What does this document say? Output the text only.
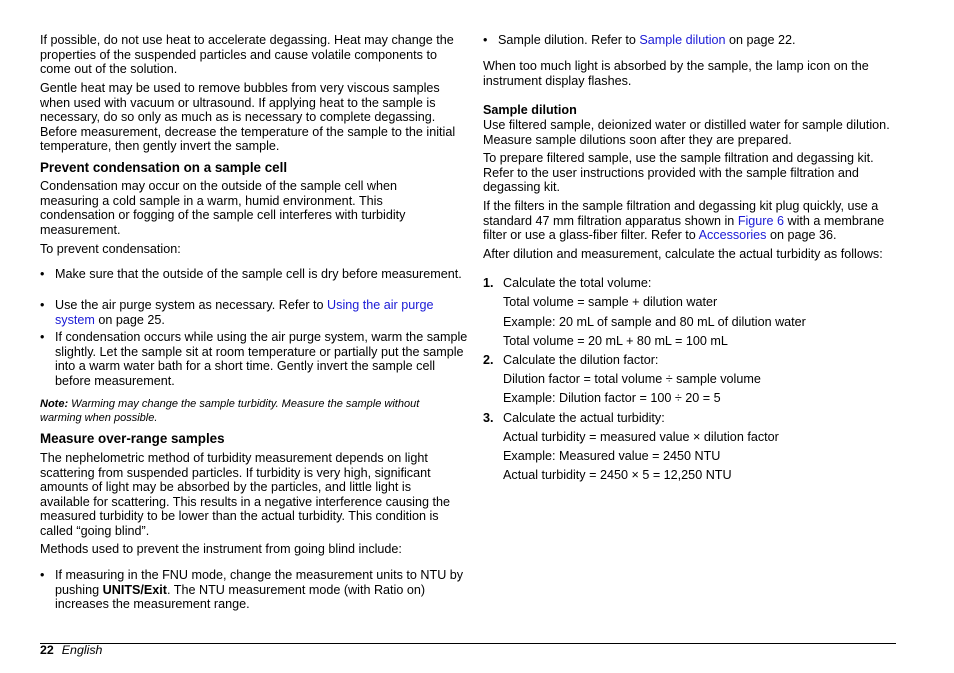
If possible, do not use heat to accelerate degassing. Heat may change the properties of the suspended particles and cause volatile components to come out of the solution.

Gentle heat may be used to remove bubbles from very viscous samples when used with vacuum or ultrasound. If applying heat to the sample is necessary, do so only as much as is necessary to complete degassing. Before measurement, decrease the temperature of the sample to the initial temperature, then gently invert the sample.

Prevent condensation on a sample cell

Condensation may occur on the outside of the sample cell when measuring a cold sample in a warm, humid environment. This condensation or fogging of the sample cell interferes with turbidity measurement.

To prevent condensation:

• Make sure that the outside of the sample cell is dry before measurement.
• Use the air purge system as necessary. Refer to Using the air purge system on page 25.
• If condensation occurs while using the air purge system, warm the sample slightly. Let the sample sit at room temperature or partially put the sample into a warm water bath for a short time. Gently invert the sample cell before measurement.

Note: Warming may change the sample turbidity. Measure the sample without warming when possible.

Measure over-range samples

The nephelometric method of turbidity measurement depends on light scattering from suspended particles. If turbidity is very high, significant amounts of light may be absorbed by the particles, and little light is available for scattering. This results in a negative interference causing the measured turbidity to be lower than the actual turbidity. This condition is called “going blind”.

Methods used to prevent the instrument from going blind include:

• If measuring in the FNU mode, change the measurement units to NTU by pushing UNITS/Exit. The NTU measurement mode (with Ratio on) increases the measurement range.
• Sample dilution. Refer to Sample dilution on page 22.

When too much light is absorbed by the sample, the lamp icon on the instrument display flashes.

Sample dilution

Use filtered sample, deionized water or distilled water for sample dilution. Measure sample dilutions soon after they are prepared.

To prepare filtered sample, use the sample filtration and degassing kit. Refer to the user instructions provided with the sample filtration and degassing kit.

If the filters in the sample filtration and degassing kit plug quickly, use a standard 47 mm filtration apparatus shown in Figure 6 with a membrane filter or use a glass-fiber filter. Refer to Accessories on page 36.

After dilution and measurement, calculate the actual turbidity as follows:

1. Calculate the total volume:

Total volume = sample + dilution water

Example: 20 mL of sample and 80 mL of dilution water

Total volume = 20 mL + 80 mL = 100 mL

2. Calculate the dilution factor:

Dilution factor = total volume ÷ sample volume

Example: Dilution factor = 100 ÷ 20 = 5

3. Calculate the actual turbidity:

Actual turbidity = measured value × dilution factor

Example: Measured value = 2450 NTU

Actual turbidity = 2450 × 5 = 12,250 NTU

22 English
